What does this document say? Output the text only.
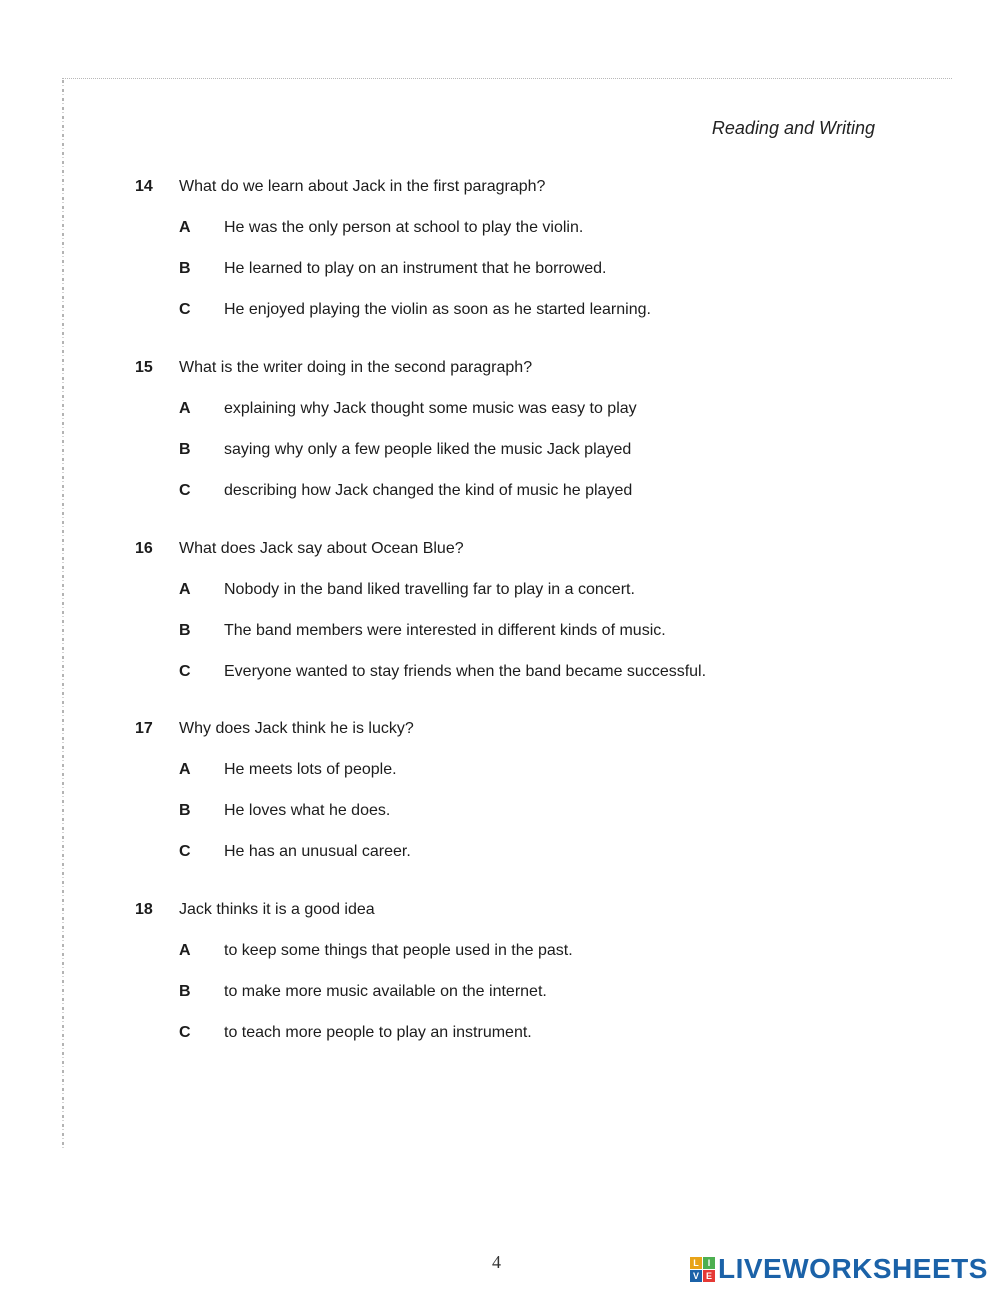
Reading and Writing
14	What do we learn about Jack in the first paragraph?
A	He was the only person at school to play the violin.
B	He learned to play on an instrument that he borrowed.
C	He enjoyed playing the violin as soon as he started learning.
15	What is the writer doing in the second paragraph?
A	explaining why Jack thought some music was easy to play
B	saying why only a few people liked the music Jack played
C	describing how Jack changed the kind of music he played
16	What does Jack say about Ocean Blue?
A	Nobody in the band liked travelling far to play in a concert.
B	The band members were interested in different kinds of music.
C	Everyone wanted to stay friends when the band became successful.
17	Why does Jack think he is lucky?
A	He meets lots of people.
B	He loves what he does.
C	He has an unusual career.
18	Jack thinks it is a good idea
A	to keep some things that people used in the past.
B	to make more music available on the internet.
C	to teach more people to play an instrument.
4	L I
V E LIVEWORKSHEETS
